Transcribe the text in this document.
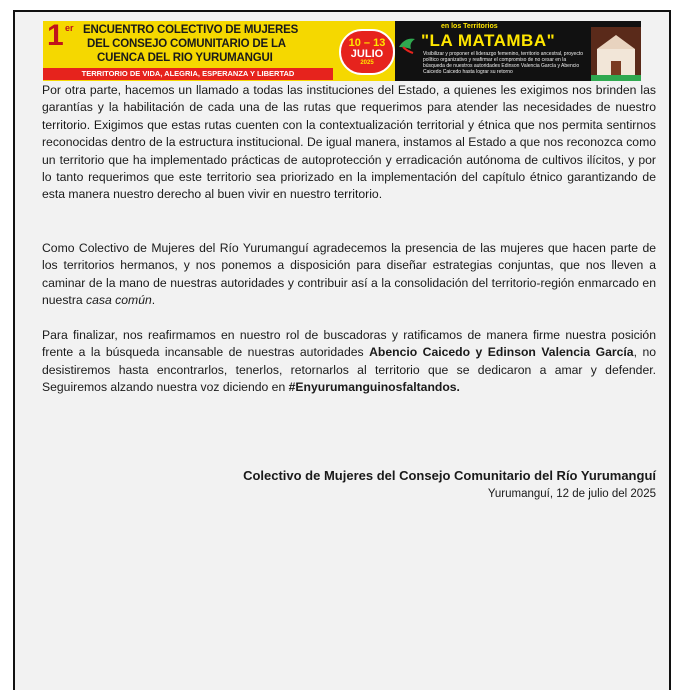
1 er ENCUENTRO COLECTIVO DE MUJERES
DEL CONSEJO COMUNITARIO DE LA
CUENCA DEL RIO YURUMANGUI
TERRITORIO DE VIDA, ALEGRIA, ESPERANZA Y LIBERTAD
10 – 13
JULIO
2025
en los Territorios
"LA MATAMBA"
Visibilizar y proponer el liderazgo femenino, territorio ancestral, proyecto político organizativo y reafirmar el compromiso de no cesar en la búsqueda de nuestros autoridades Edinson Valencia García y Abencio Caicedo Caicedo hasta lograr su retorno

Por otra parte, hacemos un llamado a todas las instituciones del Estado, a quienes les exigimos nos brinden las garantías y la habilitación de cada una de las rutas que requerimos para atender las necesidades de nuestro territorio. Exigimos que estas rutas cuenten con la contextualización territorial y étnica que nos permita sentirnos reconocidas dentro de la estructura institucional. De igual manera, instamos al Estado a que nos reconozca como un territorio que ha implementado prácticas de autoprotección y erradicación autónoma de cultivos ilícitos, y por lo tanto requerimos que este territorio sea priorizado en la implementación del capítulo étnico garantizando de esta manera nuestro derecho al buen vivir en nuestro territorio.

Como Colectivo de Mujeres del Río Yurumanguí agradecemos la presencia de las mujeres que hacen parte de los territorios hermanos, y nos ponemos a disposición para diseñar estrategias conjuntas, que nos lleven a caminar de la mano de nuestras autoridades y contribuir así a la consolidación del territorio-región enmarcado en nuestra casa común.

Para finalizar, nos reafirmamos en nuestro rol de buscadoras y ratificamos de manera firme nuestra posición frente a la búsqueda incansable de nuestras autoridades Abencio Caicedo y Edinson Valencia García, no desistiremos hasta encontrarlos, tenerlos, retornarlos al territorio que se dedicaron a amar y defender. Seguiremos alzando nuestra voz diciendo en #Enyurumanguinosfaltandos.

Colectivo de Mujeres del Consejo Comunitario del Río Yurumanguí
Yurumanguí, 12 de julio del 2025
